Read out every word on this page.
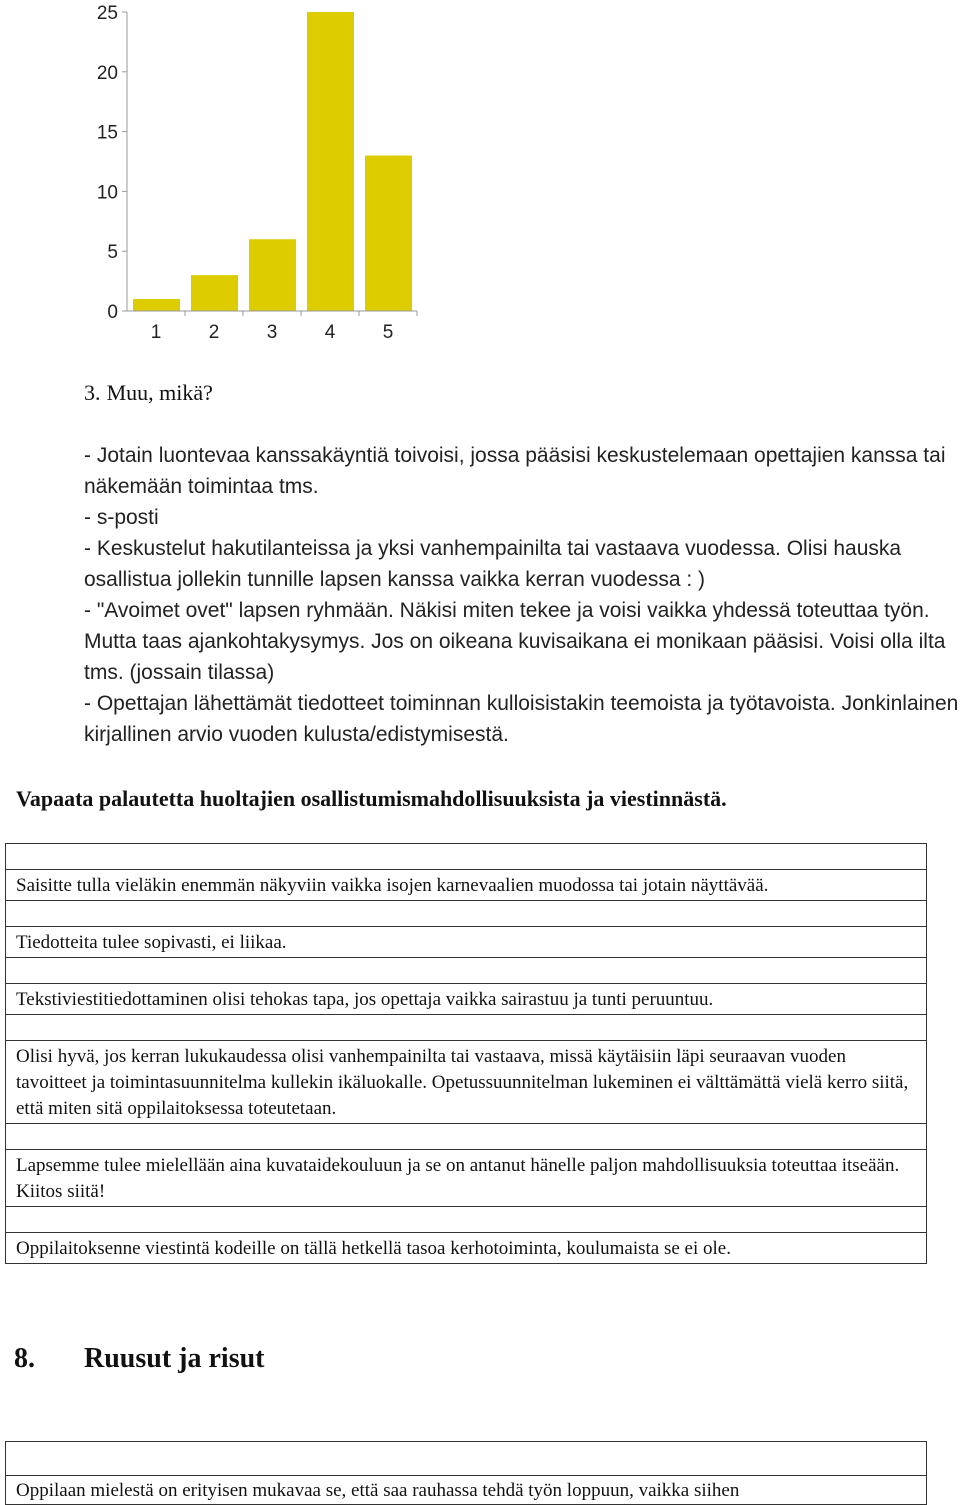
0
5
10
15
20
25
1 2 3 4 5
3. Muu, mikä?
- Jotain luontevaa kanssakäyntiä toivoisi, jossa pääsisi keskustelemaan opettajien kanssa tai näkemään toimintaa tms.
- s-posti
- Keskustelut hakutilanteissa ja yksi vanhempainilta tai vastaava vuodessa. Olisi hauska osallistua jollekin tunnille lapsen kanssa vaikka kerran vuodessa : )
- "Avoimet ovet" lapsen ryhmään. Näkisi miten tekee ja voisi vaikka yhdessä toteuttaa työn. Mutta taas ajankohtakysymys. Jos on oikeana kuvisaikana ei monikaan pääsisi. Voisi olla ilta tms. (jossain tilassa)
- Opettajan lähettämät tiedotteet toiminnan kulloisistakin teemoista ja työtavoista. Jonkinlainen kirjallinen arvio vuoden kulusta/edistymisestä.
Vapaata palautetta huoltajien osallistumismahdollisuuksista ja viestinnästä.

Saisitte tulla vieläkin enemmän näkyviin vaikka isojen karnevaalien muodossa tai jotain näyttävää.

Tiedotteita tulee sopivasti, ei liikaa.

Tekstiviestitiedottaminen olisi tehokas tapa, jos opettaja vaikka sairastuu ja tunti peruuntuu.

Olisi hyvä, jos kerran lukukaudessa olisi vanhempainilta tai vastaava, missä käytäisiin läpi seuraavan vuoden tavoitteet ja toimintasuunnitelma kullekin ikäluokalle. Opetussuunnitelman lukeminen ei välttämättä vielä kerro siitä, että miten sitä oppilaitoksessa toteutetaan.

Lapsemme tulee mielellään aina kuvataidekouluun ja se on antanut hänelle paljon mahdollisuuksia toteuttaa itseään. Kiitos siitä!

Oppilaitoksenne viestintä kodeille on tällä hetkellä tasoa kerhotoiminta, koulumaista se ei ole.
8. Ruusut ja risut

Oppilaan mielestä on erityisen mukavaa se, että saa rauhassa tehdä työn loppuun, vaikka siihen
